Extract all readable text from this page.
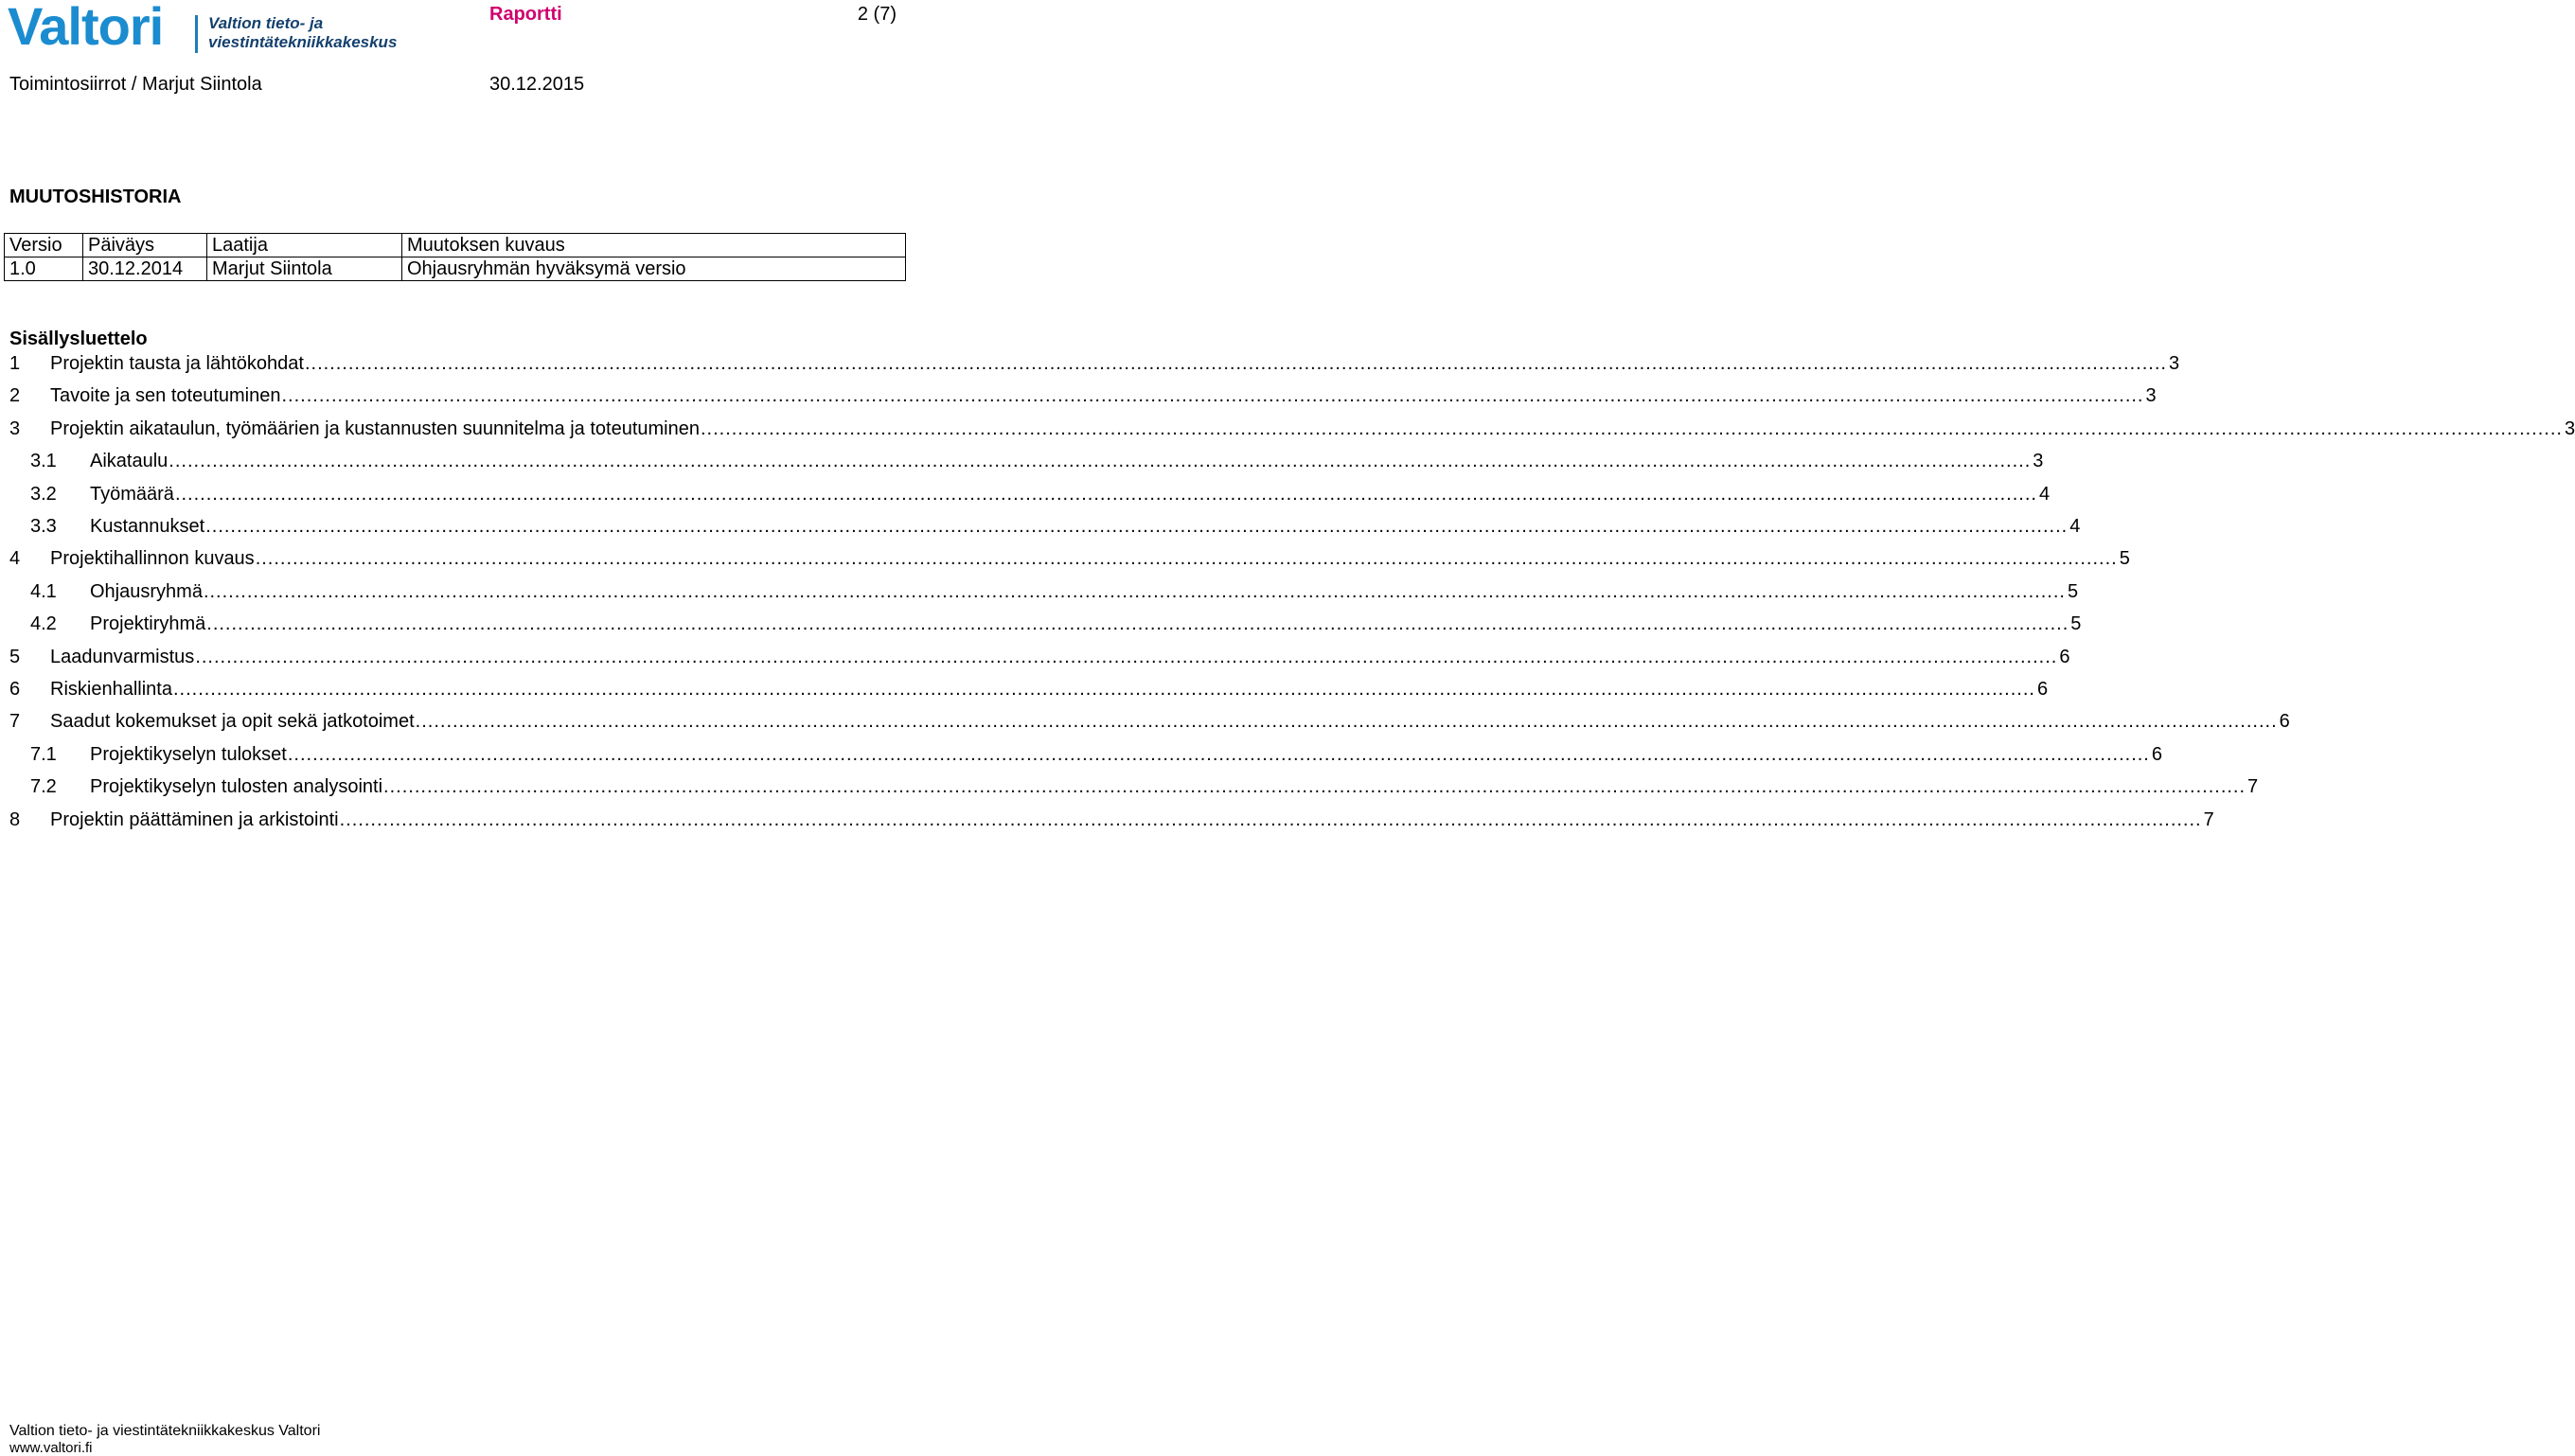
Valtori	Valtion tieto- ja
viestintätekniikkakeskus
Raportti	2 (7)
Toimintosiirrot / Marjut Siintola	30.12.2015
MUUTOSHISTORIA
Versio	Päiväys	Laatija	Muutoksen kuvaus
1.0	30.12.2014	Marjut Siintola	Ohjausryhmän hyväksymä versio
Sisällysluettelo
1	Projektin tausta ja lähtökohdat ............................................................................................................................................................................................................................................................................................................ 3
2	Tavoite ja sen toteutuminen ............................................................................................................................................................................................................................................................................................................ 3
3	Projektin aikataulun, työmäärien ja kustannusten suunnitelma ja toteutuminen ............................................................................................................................................................................................................................................................................................................ 3
3.1	Aikataulu ............................................................................................................................................................................................................................................................................................................ 3
3.2	Työmäärä ............................................................................................................................................................................................................................................................................................................ 4
3.3	Kustannukset ............................................................................................................................................................................................................................................................................................................ 4
4	Projektihallinnon kuvaus ............................................................................................................................................................................................................................................................................................................ 5
4.1	Ohjausryhmä ............................................................................................................................................................................................................................................................................................................ 5
4.2	Projektiryhmä ............................................................................................................................................................................................................................................................................................................ 5
5	Laadunvarmistus ............................................................................................................................................................................................................................................................................................................ 6
6	Riskienhallinta ............................................................................................................................................................................................................................................................................................................ 6
7	Saadut kokemukset ja opit sekä jatkotoimet ............................................................................................................................................................................................................................................................................................................ 6
7.1	Projektikyselyn tulokset ............................................................................................................................................................................................................................................................................................................ 6
7.2	Projektikyselyn tulosten analysointi ............................................................................................................................................................................................................................................................................................................ 7
8	Projektin päättäminen ja arkistointi ............................................................................................................................................................................................................................................................................................................ 7
Valtion tieto- ja viestintätekniikkakeskus Valtori
www.valtori.fi
